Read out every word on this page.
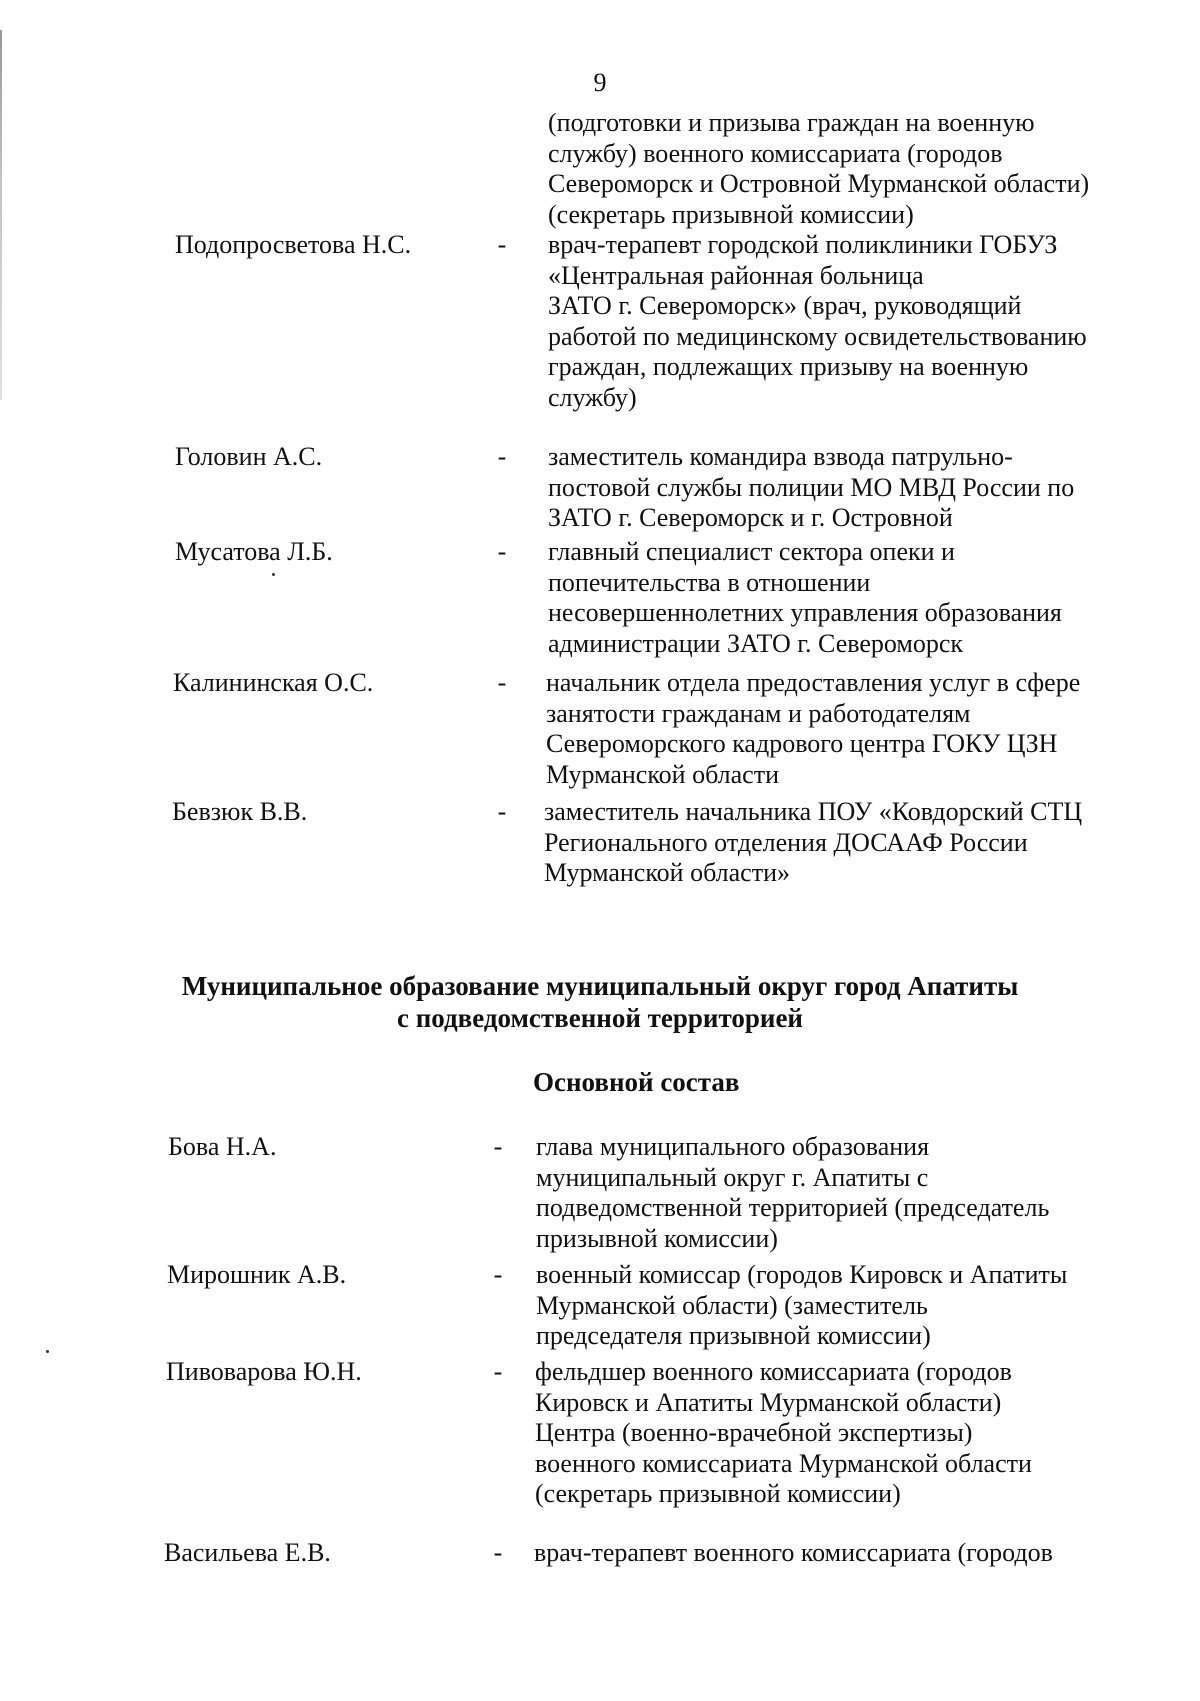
9
(подготовки и призыва граждан на военную
службу) военного комиссариата (городов
Североморск и Островной Мурманской области)
(секретарь призывной комиссии)
Подопросветова Н.С.	- врач-терапевт городской поликлиники ГОБУЗ
«Центральная районная больница
ЗАТО г. Североморск» (врач, руководящий
работой по медицинскому освидетельствованию
граждан, подлежащих призыву на военную
службу)
Головин А.С.	- заместитель командира взвода патрульно-
постовой службы полиции МО МВД России по
ЗАТО г. Североморск и г. Островной
Мусатова Л.Б.	- главный специалист сектора опеки и
попечительства в отношении
несовершеннолетних управления образования
администрации ЗАТО г. Североморск
Калининская О.С.	- начальник отдела предоставления услуг в сфере
занятости гражданам и работодателям
Североморского кадрового центра ГОКУ ЦЗН
Мурманской области
Бевзюк В.В.	- заместитель начальника ПОУ «Ковдорский СТЦ
Регионального отделения ДОСААФ России
Мурманской области»
Муниципальное образование муниципальный округ город Апатиты
с подведомственной территорией
Основной состав
Бова Н.А.	- глава муниципального образования
муниципальный округ г. Апатиты с
подведомственной территорией (председатель
призывной комиссии)
Мирошник А.В.	- военный комиссар (городов Кировск и Апатиты
Мурманской области) (заместитель
председателя призывной комиссии)
Пивоварова Ю.Н.	- фельдшер военного комиссариата (городов
Кировск и Апатиты Мурманской области)
Центра (военно-врачебной экспертизы)
военного комиссариата Мурманской области
(секретарь призывной комиссии)
Васильева Е.В.	- врач-терапевт военного комиссариата (городов
